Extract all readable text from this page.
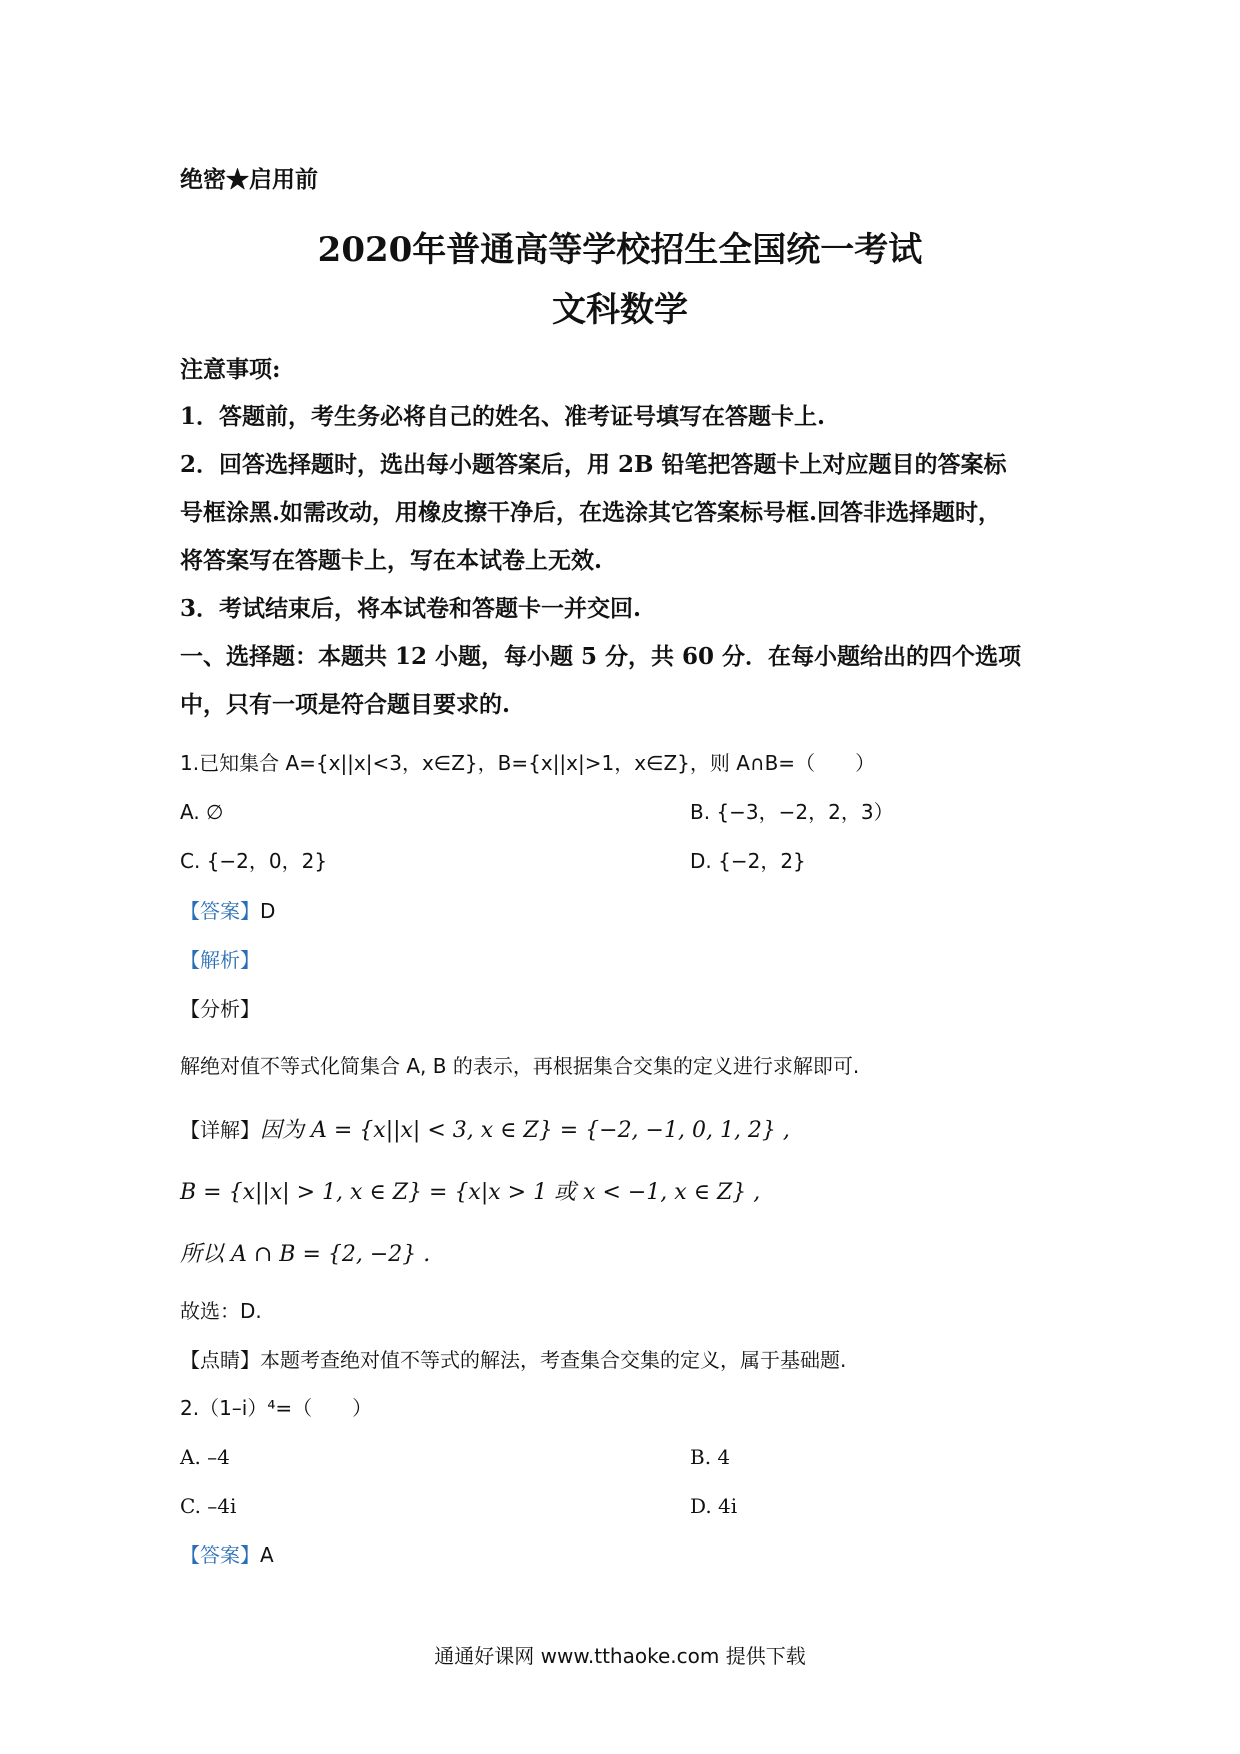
绝密★启用前
2020年普通高等学校招生全国统一考试
文科数学
注意事项:
1．答题前，考生务必将自己的姓名、准考证号填写在答题卡上.
2．回答选择题时，选出每小题答案后，用 2B 铅笔把答题卡上对应题目的答案标
号框涂黑.如需改动，用橡皮擦干净后，在选涂其它答案标号框.回答非选择题时，
将答案写在答题卡上，写在本试卷上无效.
3．考试结束后，将本试卷和答题卡一并交回.
一、选择题：本题共 12 小题，每小题 5 分，共 60 分．在每小题给出的四个选项
中，只有一项是符合题目要求的.
1.已知集合 A={x||x|<3，x∈Z}，B={x||x|>1，x∈Z}，则 A∩B=（　　）
A. ∅	B. {−3，−2，2，3）
C. {−2，0，2}	D. {−2，2}
【答案】D
【解析】
【分析】
解绝对值不等式化简集合 A, B 的表示，再根据集合交集的定义进行求解即可.
【详解】因为 A = {x||x| < 3, x ∈ Z} = {−2, −1, 0, 1, 2} ,
B = {x||x| > 1, x ∈ Z} = {x|x > 1 或 x < −1, x ∈ Z} ,
所以 A ∩ B = {2, −2} .
故选：D.
【点睛】本题考查绝对值不等式的解法，考查集合交集的定义，属于基础题.
2.（1–i）⁴=（　　）
A. –4	B. 4
C. –4i	D. 4i
【答案】A
通通好课网 www.tthaoke.com 提供下载
